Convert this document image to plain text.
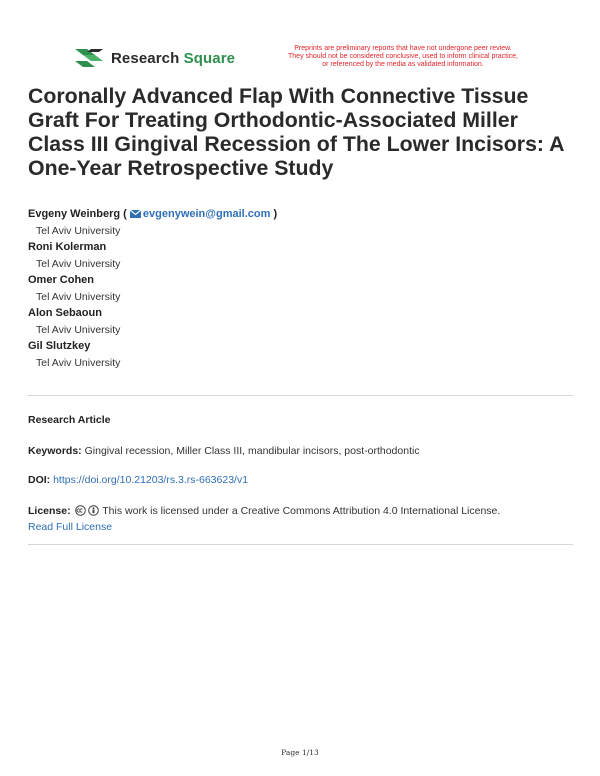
Research Square
Preprints are preliminary reports that have not undergone peer review.
They should not be considered conclusive, used to inform clinical practice,
or referenced by the media as validated information.
Coronally Advanced Flap With Connective Tissue Graft For Treating Orthodontic-Associated Miller Class III Gingival Recession of The Lower Incisors: A One-Year Retrospective Study
Evgeny Weinberg ( evgenywein@gmail.com )
Tel Aviv University
Roni Kolerman
Tel Aviv University
Omer Cohen
Tel Aviv University
Alon Sebaoun
Tel Aviv University
Gil Slutzkey
Tel Aviv University
Research Article
Keywords: Gingival recession, Miller Class III, mandibular incisors, post-orthodontic
DOI: https://doi.org/10.21203/rs.3.rs-663623/v1
License:	This work is licensed under a Creative Commons Attribution 4.0 International License.
Read Full License
Page 1/13
